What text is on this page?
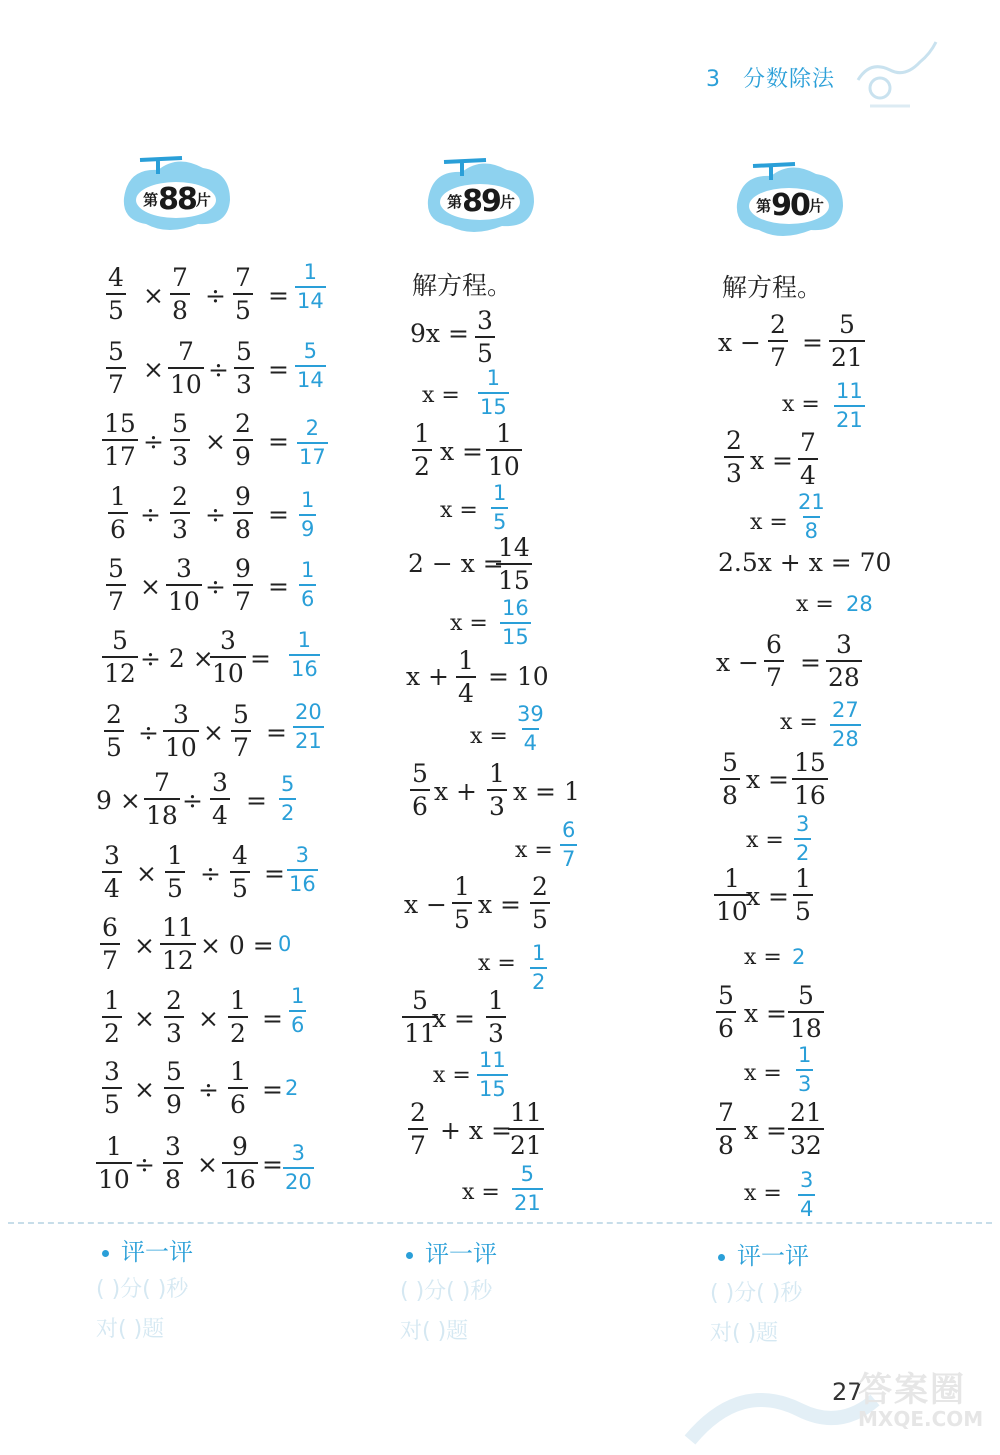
3 分数除法
第88片	第89片	第90片
$\frac{4}{5} \times \frac{7}{8} \div \frac{7}{5} = \frac{1}{14}$
$\frac{5}{7} \times \frac{7}{10} \div \frac{5}{3} = \frac{5}{14}$
$\frac{15}{17} \div \frac{5}{3} \times \frac{2}{9} = \frac{2}{17}$
$\frac{1}{6} \div \frac{2}{3} \div \frac{9}{8} = \frac{1}{9}$
$\frac{5}{7} \times \frac{3}{10} \div \frac{9}{7} = \frac{1}{6}$
$\frac{5}{12} \div 2$ ×
$\frac{3}{10} = \frac{1}{16}$
$\frac{2}{5} \div \frac{3}{10} \times \frac{5}{7} = \frac{20}{21}$
$9 \times \frac{7}{18} \div \frac{3}{4} = \frac{5}{2}$
$\frac{3}{4} \times \frac{1}{5} \div \frac{4}{5} = \frac{3}{16}$
$\frac{6}{7} \times \frac{11}{12} \times 0 = 0$
$\frac{1}{2} \times \frac{2}{3} \times \frac{1}{2} = \frac{1}{6}$
$\frac{3}{5} \times \frac{5}{9} \div \frac{1}{6} = 2$
$\frac{1}{10} \div \frac{3}{8} \times \frac{9}{16} = \frac{3}{20}$
解方程。
$9x = \frac{3}{5}$
$x = \frac{1}{15}$
$\frac{1}{2}$ $x = \frac{1}{10}$
$x = \frac{1}{5}$
2 − x =
$\frac{14}{15}$
$x = \frac{16}{15}$
$x + \frac{1}{4} = 10$
$x = \frac{39}{4}$
$\frac{5}{6}$ $x + \frac{1}{3}$ x = 1
$x = \frac{6}{7}$
$x - \frac{1}{5}$ $x = \frac{2}{5}$
$x = \frac{1}{2}$
$\frac{5}{11}$
$x = \frac{1}{3}$
$x = \frac{11}{15}$
$\frac{2}{7} + x$ =
$\frac{11}{21}$
$x = \frac{5}{21}$
解方程。
$x - \frac{2}{7} = \frac{5}{21}$
$x = \frac{11}{21}$
$\frac{2}{3}$ $x = \frac{7}{4}$
$x = \frac{21}{8}$
2.5x + x = 70
x = 28
$x - \frac{6}{7} = \frac{3}{28}$
$x = \frac{27}{28}$
$\frac{5}{8}$ $x = \frac{15}{16}$
$x = \frac{3}{2}$
$\frac{1}{10}$
$x = \frac{1}{5}$
x = 2
$\frac{5}{6}$ $x = \frac{5}{18}$
$x = \frac{1}{3}$
$\frac{7}{8}$ $x = \frac{21}{32}$
$x = \frac{3}{4}$
评一评
( )分( )秒
对( )题
评一评
( )分( )秒
对( )题
评一评
( )分( )秒
对( )题
27
答案圈
MXQE.COM
